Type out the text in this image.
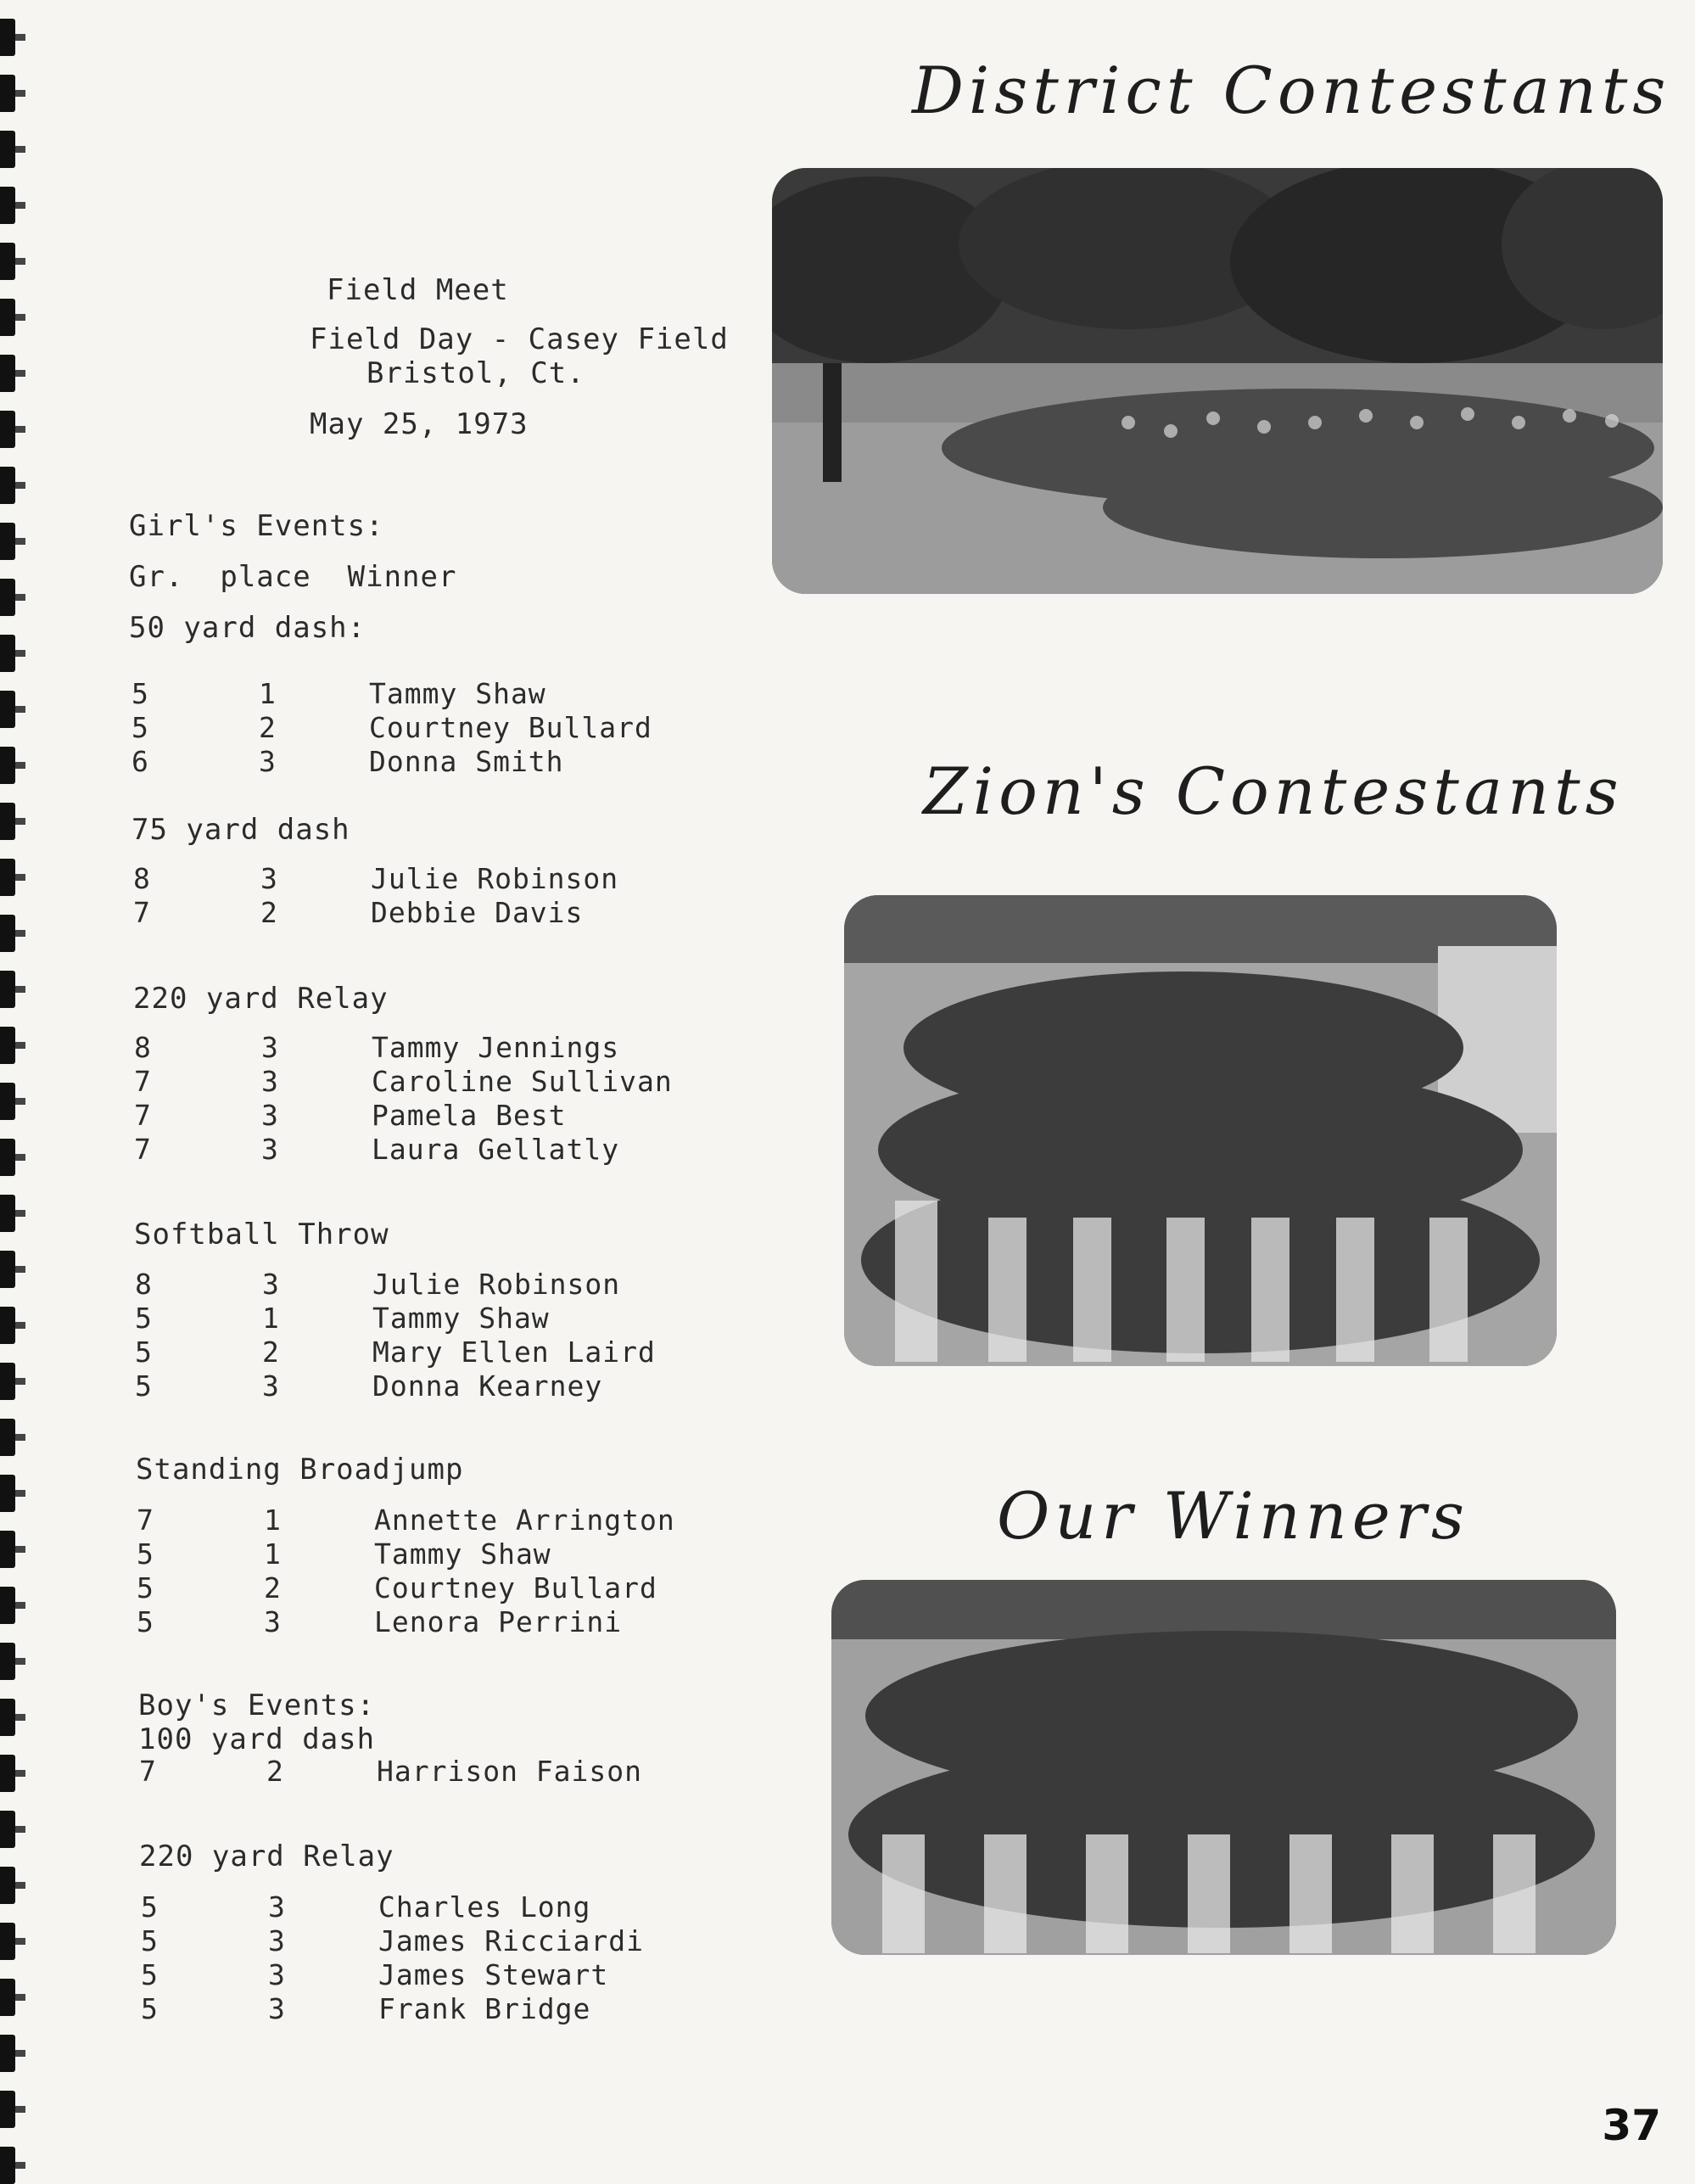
Field Meet
Field Day - Casey Field
Bristol, Ct.
May 25, 1973
Girl's Events:
Gr.  place  Winner
50 yard dash:
5	1	Tammy Shaw
5	2	Courtney Bullard
6	3	Donna Smith
75 yard dash
8	3	Julie Robinson
7	2	Debbie Davis
220 yard Relay
8	3	Tammy Jennings
7	3	Caroline Sullivan
7	3	Pamela Best
7	3	Laura Gellatly
Softball Throw
8	3	Julie Robinson
5	1	Tammy Shaw
5	2	Mary Ellen Laird
5	3	Donna Kearney
Standing Broadjump
7	1	Annette Arrington
5	1	Tammy Shaw
5	2	Courtney Bullard
5	3	Lenora Perrini
Boy's Events:
100 yard dash
7	2	Harrison Faison
220 yard Relay
5	3	Charles Long
5	3	James Ricciardi
5	3	James Stewart
5	3	Frank Bridge
District Contestants
Zion's Contestants
Our Winners
37
